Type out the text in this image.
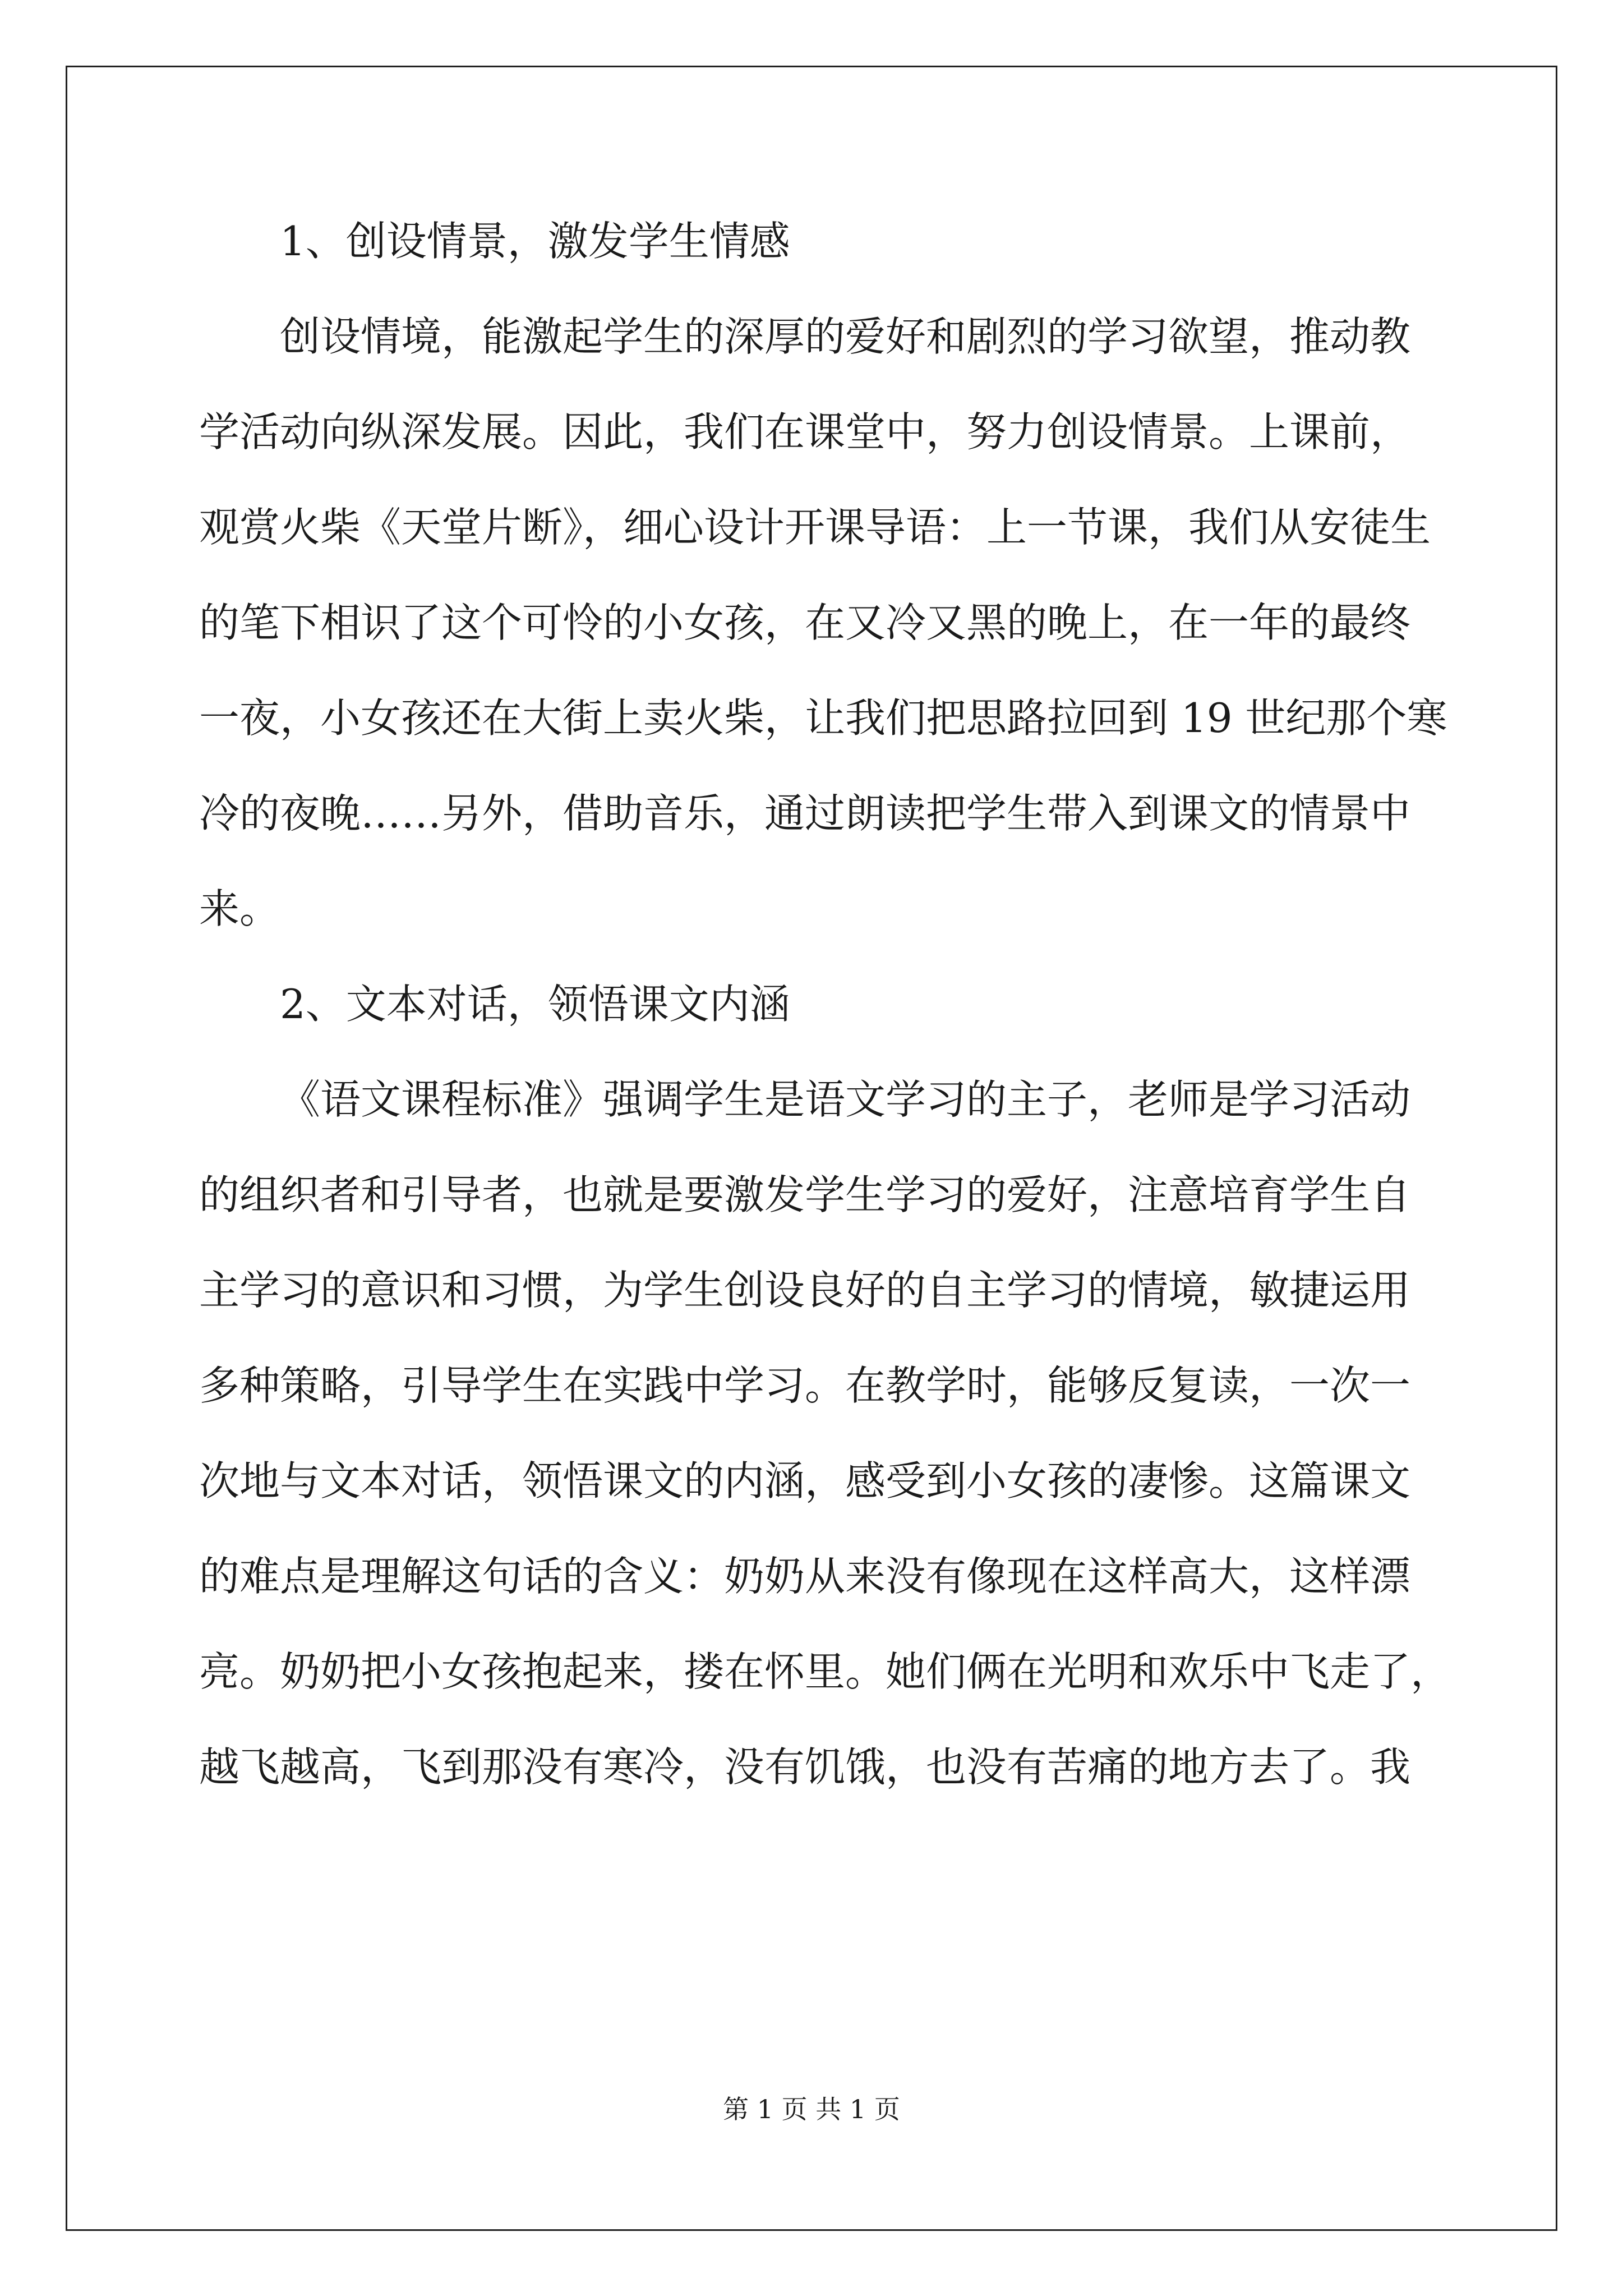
1、创设情景，激发学生情感
创设情境，能激起学生的深厚的爱好和剧烈的学习欲望，推动教
学活动向纵深发展。因此，我们在课堂中，努力创设情景。上课前，
观赏火柴《天堂片断》，细心设计开课导语：上一节课，我们从安徒生
的笔下相识了这个可怜的小女孩，在又冷又黑的晚上，在一年的最终
一夜，小女孩还在大街上卖火柴，让我们把思路拉回到 19 世纪那个寒
冷的夜晚……另外，借助音乐，通过朗读把学生带入到课文的情景中
来。
2、文本对话，领悟课文内涵
《语文课程标准》强调学生是语文学习的主子，老师是学习活动
的组织者和引导者，也就是要激发学生学习的爱好，注意培育学生自
主学习的意识和习惯，为学生创设良好的自主学习的情境，敏捷运用
多种策略，引导学生在实践中学习。在教学时，能够反复读，一次一
次地与文本对话，领悟课文的内涵，感受到小女孩的凄惨。这篇课文
的难点是理解这句话的含义：奶奶从来没有像现在这样高大，这样漂
亮。奶奶把小女孩抱起来，搂在怀里。她们俩在光明和欢乐中飞走了，
越飞越高，飞到那没有寒冷，没有饥饿，也没有苦痛的地方去了。我
第 1 页 共 1 页
